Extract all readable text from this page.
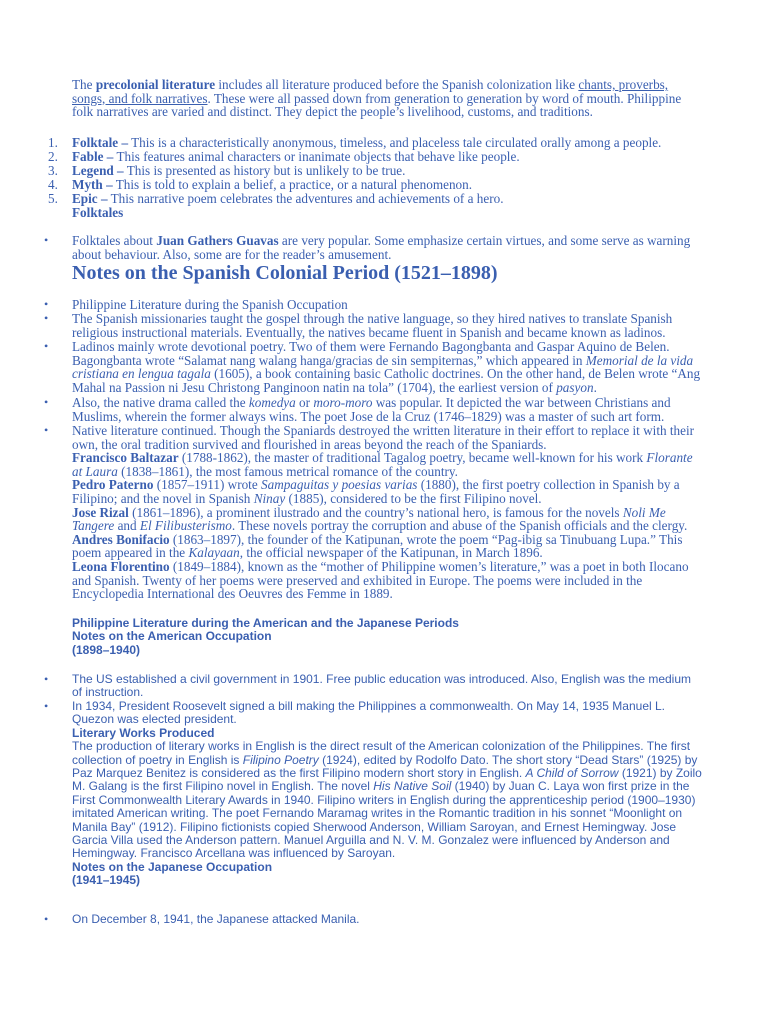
The precolonial literature includes all literature produced before the Spanish colonization like chants, proverbs, songs, and folk narratives. These were all passed down from generation to generation by word of mouth. Philippine folk narratives are varied and distinct. They depict the people’s livelihood, customs, and traditions.
1.	Folktale – This is a characteristically anonymous, timeless, and placeless tale circulated orally among a people.
2.	Fable – This features animal characters or inanimate objects that behave like people.
3.	Legend – This is presented as history but is unlikely to be true.
4.	Myth – This is told to explain a belief, a practice, or a natural phenomenon.
5.	Epic – This narrative poem celebrates the adventures and achievements of a hero.
Folktales
•	Folktales about Juan Gathers Guavas are very popular. Some emphasize certain virtues, and some serve as warning about behaviour. Also, some are for the reader’s amusement.
Notes on the Spanish Colonial Period (1521–1898)
•	Philippine Literature during the Spanish Occupation
•	The Spanish missionaries taught the gospel through the native language, so they hired natives to translate Spanish religious instructional materials. Eventually, the natives became fluent in Spanish and became known as ladinos.
•	Ladinos mainly wrote devotional poetry. Two of them were Fernando Bagongbanta and Gaspar Aquino de Belen. Bagongbanta wrote “Salamat nang walang hanga/gracias de sin sempiternas,” which appeared in Memorial de la vida cristiana en lengua tagala (1605), a book containing basic Catholic doctrines. On the other hand, de Belen wrote “Ang Mahal na Passion ni Jesu Christong Panginoon natin na tola” (1704), the earliest version of pasyon.
•	Also, the native drama called the komedya or moro-moro was popular. It depicted the war between Christians and Muslims, wherein the former always wins. The poet Jose de la Cruz (1746–1829) was a master of such art form.
•	Native literature continued. Though the Spaniards destroyed the written literature in their effort to replace it with their own, the oral tradition survived and flourished in areas beyond the reach of the Spaniards.

Francisco Baltazar (1788-1862), the master of traditional Tagalog poetry, became well-known for his work Florante at Laura (1838–1861), the most famous metrical romance of the country.

Pedro Paterno (1857–1911) wrote Sampaguitas y poesias varias (1880), the first poetry collection in Spanish by a Filipino; and the novel in Spanish Ninay (1885), considered to be the first Filipino novel.

Jose Rizal (1861–1896), a prominent ilustrado and the country’s national hero, is famous for the novels Noli Me Tangere and El Filibusterismo. These novels portray the corruption and abuse of the Spanish officials and the clergy.

Andres Bonifacio (1863–1897), the founder of the Katipunan, wrote the poem “Pag-ibig sa Tinubuang Lupa.” This poem appeared in the Kalayaan, the official newspaper of the Katipunan, in March 1896.

Leona Florentino (1849–1884), known as the “mother of Philippine women’s literature,” was a poet in both Ilocano and Spanish. Twenty of her poems were preserved and exhibited in Europe. The poems were included in the Encyclopedia International des Oeuvres des Femme in 1889.

Philippine Literature during the American and the Japanese Periods

Notes on the American Occupation

(1898–1940)

•	The US established a civil government in 1901. Free public education was introduced. Also, English was the medium of instruction.
•	In 1934, President Roosevelt signed a bill making the Philippines a commonwealth. On May 14, 1935 Manuel L. Quezon was elected president.

Literary Works Produced

The production of literary works in English is the direct result of the American colonization of the Philippines. The first collection of poetry in English is Filipino Poetry (1924), edited by Rodolfo Dato. The short story “Dead Stars” (1925) by Paz Marquez Benitez is considered as the first Filipino modern short story in English. A Child of Sorrow (1921) by Zoilo M. Galang is the first Filipino novel in English. The novel His Native Soil (1940) by Juan C. Laya won first prize in the First Commonwealth Literary Awards in 1940. Filipino writers in English during the apprenticeship period (1900–1930) imitated American writing. The poet Fernando Maramag writes in the Romantic tradition in his sonnet “Moonlight on Manila Bay” (1912). Filipino fictionists copied Sherwood Anderson, William Saroyan, and Ernest Hemingway. Jose Garcia Villa used the Anderson pattern. Manuel Arguilla and N. V. M. Gonzalez were influenced by Anderson and Hemingway. Francisco Arcellana was influenced by Saroyan.

Notes on the Japanese Occupation

(1941–1945)

•	On December 8, 1941, the Japanese attacked Manila.
